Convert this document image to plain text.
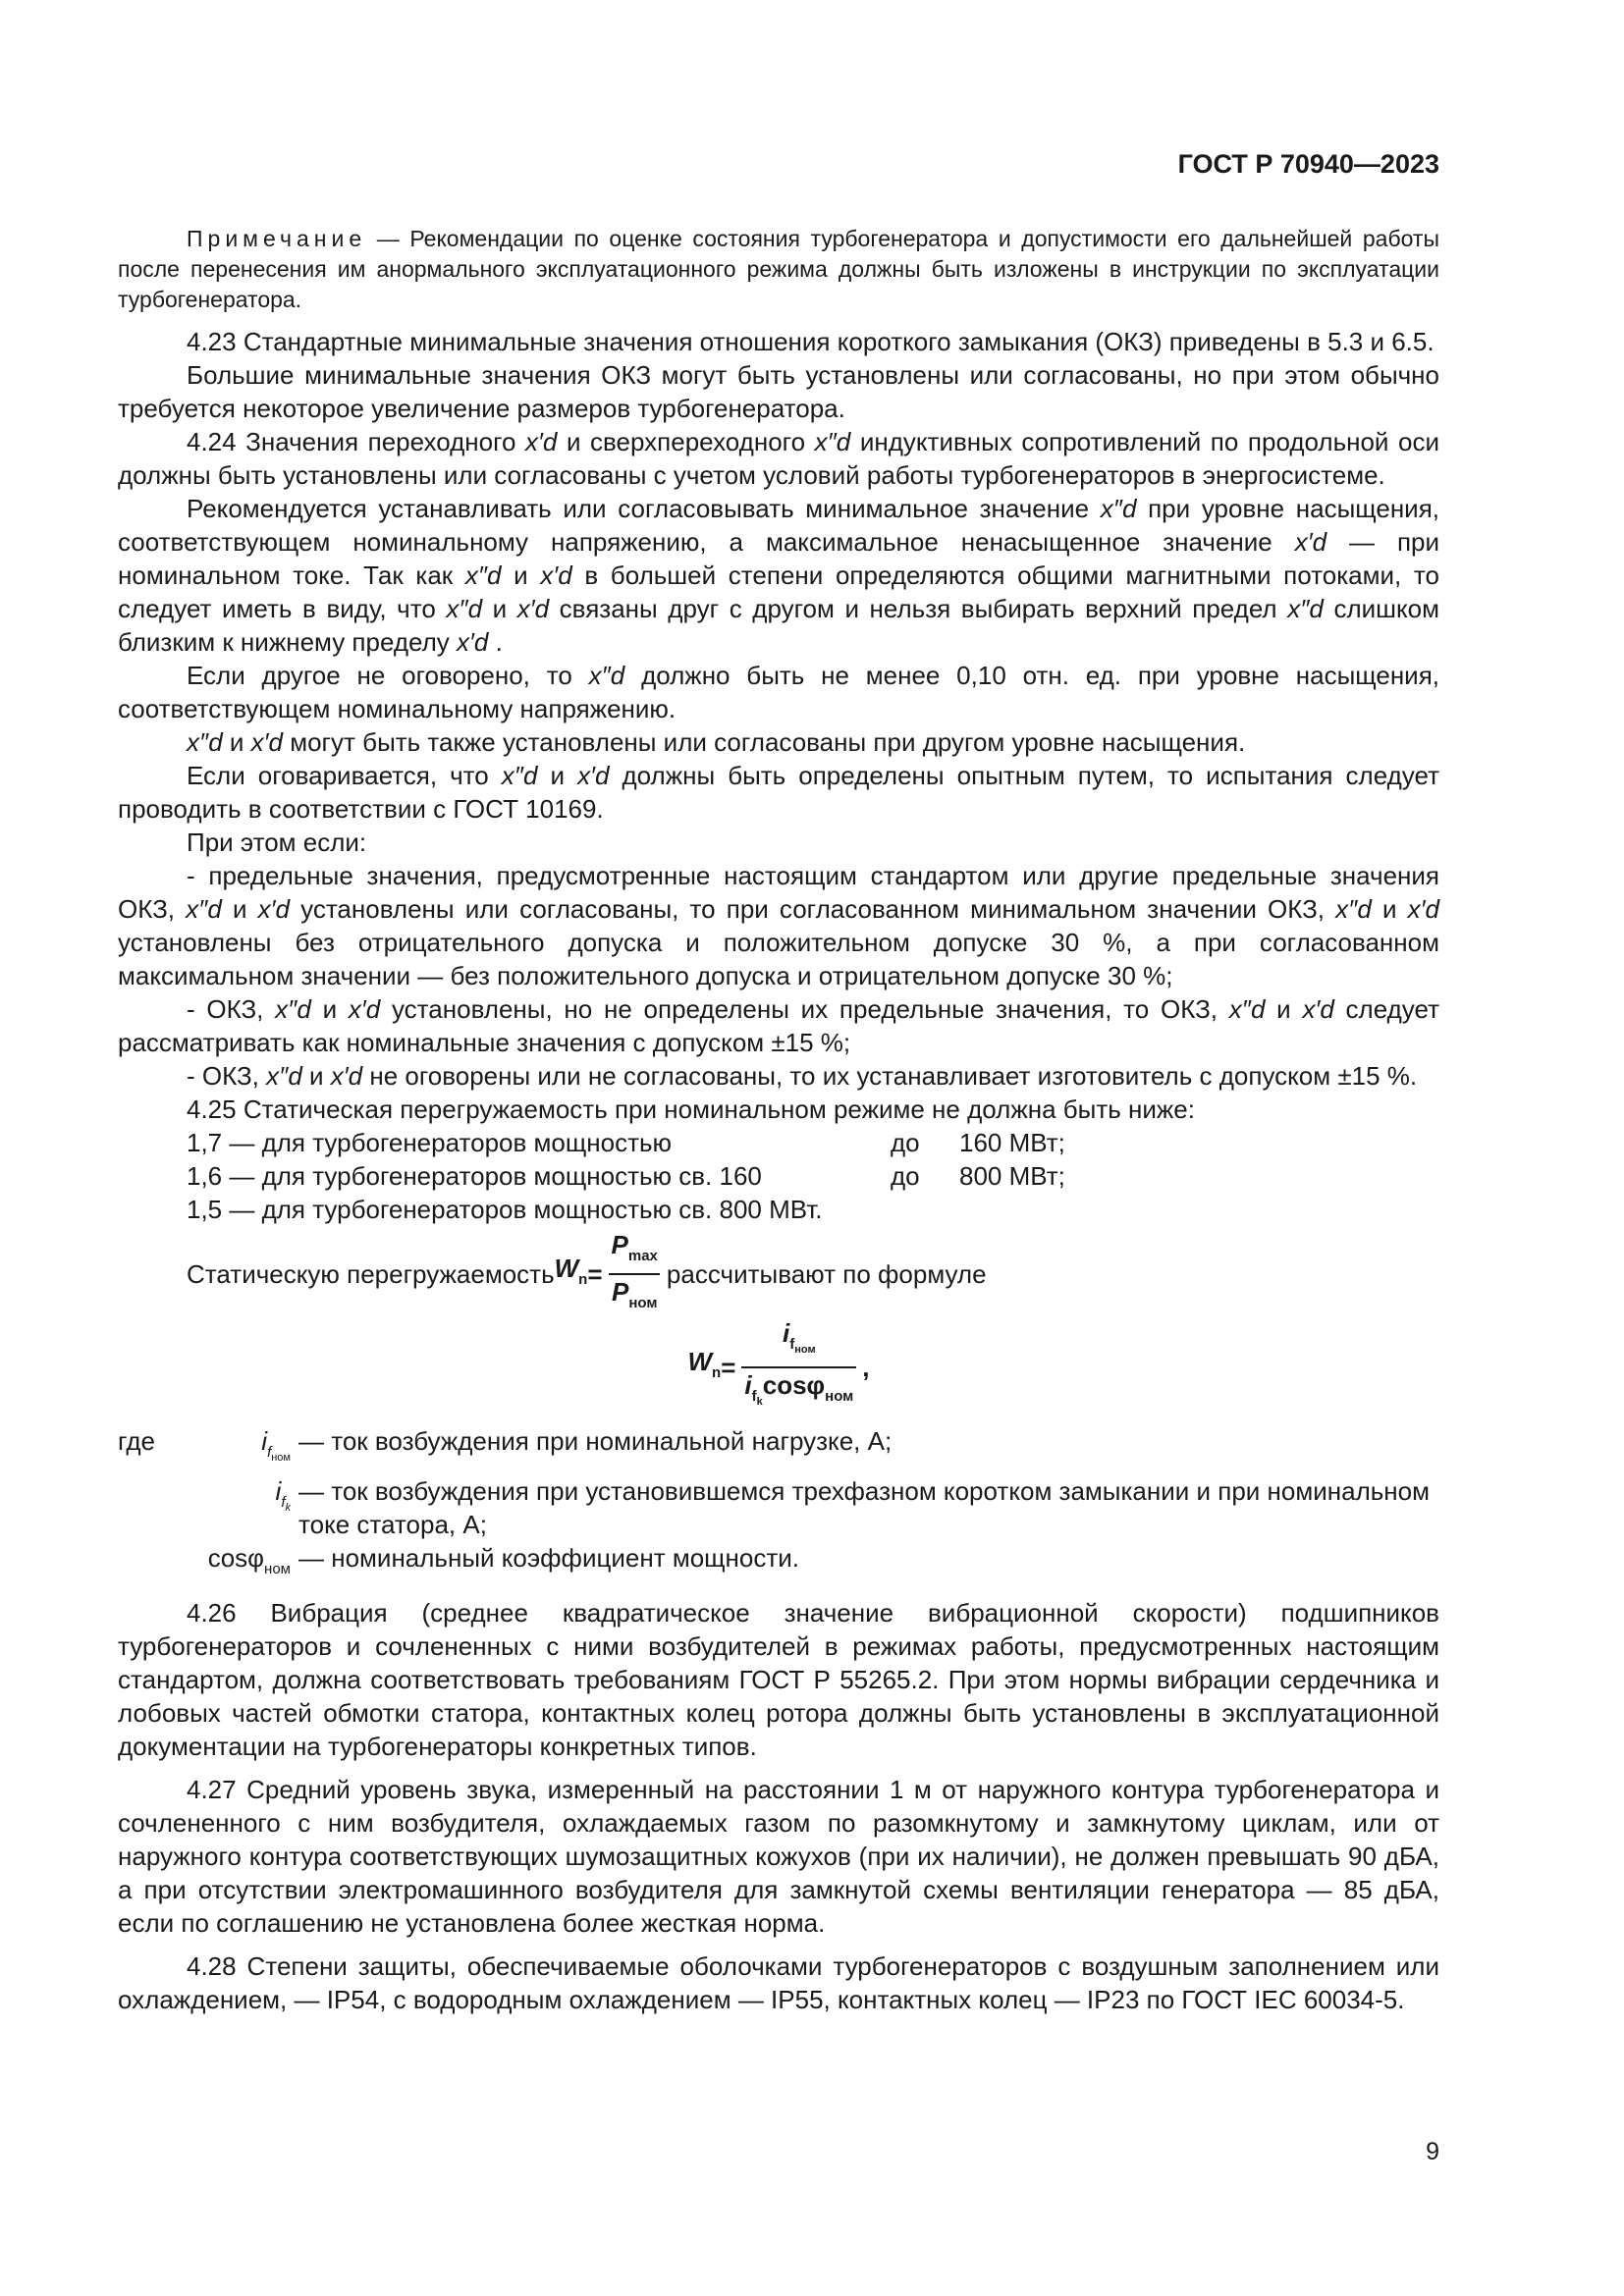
ГОСТ Р 70940—2023

Примечание — Рекомендации по оценке состояния турбогенератора и допустимости его дальнейшей работы после перенесения им анормального эксплуатационного режима должны быть изложены в инструкции по эксплуатации турбогенератора.

4.23 Стандартные минимальные значения отношения короткого замыкания (ОКЗ) приведены в 5.3 и 6.5.

Большие минимальные значения ОКЗ могут быть установлены или согласованы, но при этом обычно требуется некоторое увеличение размеров турбогенератора.

4.24 Значения переходного x′d и сверхпереходного x″d индуктивных сопротивлений по продольной оси должны быть установлены или согласованы с учетом условий работы турбогенераторов в энергосистеме.

Рекомендуется устанавливать или согласовывать минимальное значение x″d при уровне насыщения, соответствующем номинальному напряжению, а максимальное ненасыщенное значение x′d — при номинальном токе. Так как x″d и x′d в большей степени определяются общими магнитными потоками, то следует иметь в виду, что x″d и x′d связаны друг с другом и нельзя выбирать верхний предел x″d слишком близким к нижнему пределу x′d .

Если другое не оговорено, то x″d должно быть не менее 0,10 отн. ед. при уровне насыщения, соответствующем номинальному напряжению.

x″d и x′d могут быть также установлены или согласованы при другом уровне насыщения.

Если оговаривается, что x″d и x′d должны быть определены опытным путем, то испытания следует проводить в соответствии с ГОСТ 10169.

При этом если:

- предельные значения, предусмотренные настоящим стандартом или другие предельные значения ОКЗ, x″d и x′d установлены или согласованы, то при согласованном минимальном значении ОКЗ, x″d и x′d установлены без отрицательного допуска и положительном допуске 30 %, а при согласованном максимальном значении — без положительного допуска и отрицательном допуске 30 %;

- ОКЗ, x″d и x′d установлены, но не определены их предельные значения, то ОКЗ, x″d и x′d следует рассматривать как номинальные значения с допуском ±15 %;

- ОКЗ, x″d и x′d не оговорены или не согласованы, то их устанавливает изготовитель с допуском ±15 %.

4.25 Статическая перегружаемость при номинальном режиме не должна быть ниже:

1,7 — для турбогенераторов мощностью	до	160 МВт;
1,6 — для турбогенераторов мощностью св. 160	до	800 МВт;
1,5 — для турбогенераторов мощностью св. 800 МВт.
Статическую перегружаемость $W_n = \frac{P_{max}}{P_{ном}}$ рассчитывают по формуле
$W_n = \frac{i_{f_{ном}}}{i_{f_k}\cos\varphi_{ном}}$ ,
где	$i_{f_{ном}}$
— ток возбуждения при номинальной нагрузке, А;
$i_{f_k}$
— ток возбуждения при установившемся трехфазном коротком замыкании и при номинальном токе статора, А;
cosφ$_{ном}$ — номинальный коэффициент мощности.

4.26 Вибрация (среднее квадратическое значение вибрационной скорости) подшипников турбогенераторов и сочлененных с ними возбудителей в режимах работы, предусмотренных настоящим стандартом, должна соответствовать требованиям ГОСТ Р 55265.2. При этом нормы вибрации сердечника и лобовых частей обмотки статора, контактных колец ротора должны быть установлены в эксплуатационной документации на турбогенераторы конкретных типов.

4.27 Средний уровень звука, измеренный на расстоянии 1 м от наружного контура турбогенератора и сочлененного с ним возбудителя, охлаждаемых газом по разомкнутому и замкнутому циклам, или от наружного контура соответствующих шумозащитных кожухов (при их наличии), не должен превышать 90 дБА, а при отсутствии электромашинного возбудителя для замкнутой схемы вентиляции генератора — 85 дБА, если по соглашению не установлена более жесткая норма.

4.28 Степени защиты, обеспечиваемые оболочками турбогенераторов с воздушным заполнением или охлаждением, — IP54, с водородным охлаждением — IP55, контактных колец — IP23 по ГОСТ IEC 60034-5.

9
